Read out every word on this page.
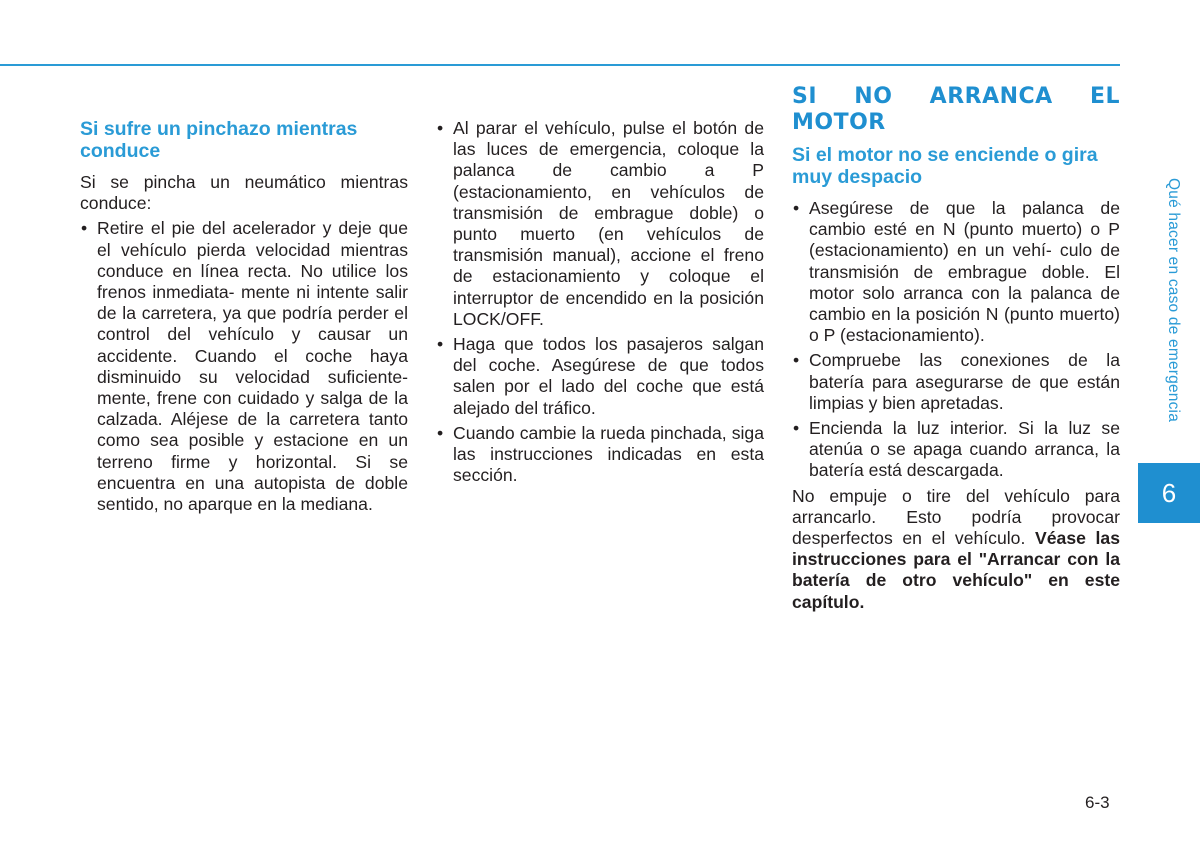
Si sufre un pinchazo mientras conduce

Si se pincha un neumático mientras conduce:

• Retire el pie del acelerador y deje que el vehículo pierda velocidad mientras conduce en línea recta. No utilice los frenos inmediata- mente ni intente salir de la carretera, ya que podría perder el control del vehículo y causar un accidente. Cuando el coche haya disminuido su velocidad suficiente- mente, frene con cuidado y salga de la calzada. Aléjese de la carretera tanto como sea posible y estacione en un terreno firme y horizontal. Si se encuentra en una autopista de doble sentido, no aparque en la mediana.
• Al parar el vehículo, pulse el botón de las luces de emergencia, coloque la palanca de cambio a P (estacionamiento, en vehículos de transmisión de embrague doble) o punto muerto (en vehículos de transmisión manual), accione el freno de estacionamiento y coloque el interruptor de encendido en la posición LOCK/OFF.
• Haga que todos los pasajeros salgan del coche. Asegúrese de que todos salen por el lado del coche que está alejado del tráfico.
• Cuando cambie la rueda pinchada, siga las instrucciones indicadas en esta sección.
SI NO ARRANCA EL MOTOR
Si el motor no se enciende o gira muy despacio
• Asegúrese de que la palanca de cambio esté en N (punto muerto) o P (estacionamiento) en un vehí- culo de transmisión de embrague doble. El motor solo arranca con la palanca de cambio en la posición N (punto muerto) o P (estacionamiento).
• Compruebe las conexiones de la batería para asegurarse de que están limpias y bien apretadas.
• Encienda la luz interior. Si la luz se atenúa o se apaga cuando arranca, la batería está descargada.

No empuje o tire del vehículo para arrancarlo. Esto podría provocar desperfectos en el vehículo. Véase las instrucciones para el "Arrancar con la batería de otro vehículo" en este capítulo.

Qué hacer en caso de emergencia
6
6-3
